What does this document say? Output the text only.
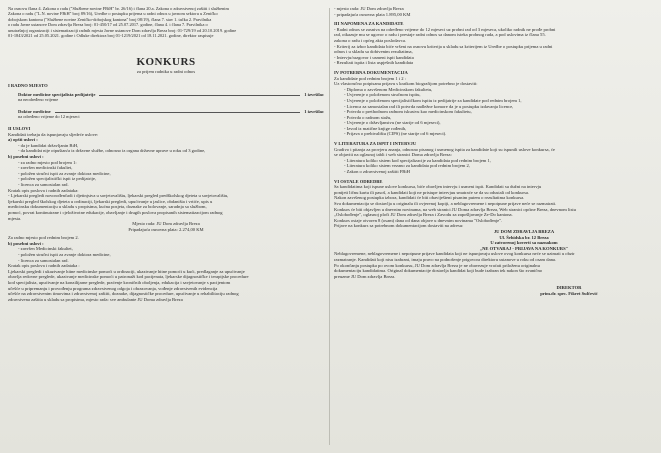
Na osnovu člana 4. Zakona o radu ("Službene novine FBiH" br. 26/16) i člana 20.a. Zakona o zdravstvenoj zaštiti i službenim
Zakona o radu ("L.N. novine FBiH" broj 89/16), Uredbe o postupku prijema u radni odnos u javnom sektoru u Zeničko
dobojskom kantonu ("Službene novine Zeničko-dobojskog kantona" broj 08/19), člana 7. stav 1. tačka 2. Pravilnika
o radu Javne ustanove Dom zdravlja Breza broj: 01-450/17 od 25.07.2017. godine, člana 4. i člana 7. Pravilnika o
unutrašnjoj organizaciji i sistematizaciji radnih mjesta Javne ustanove Dom zdravlja Breza broj: 01-729/19 od 20.10.2019. godine
01-1843/2021 od 25.05.2021. godine i Odluke direktora broj 01-1219/2021 od 18.11.2021. godine, direktor raspisuje
KONKURS
za prijem radnika u radni odnos
I RADNO MJESTO
Doktor medicine specijalista pedijatrije	1 izvršilac
na neodređeno vrijeme
Doktor medicine	1 izvršilac
na određeno vrijeme do 12 mjeseci
II USLOVI
Kandidati trebaju da ispunjavaju sljedeće uslove:
a) opšti uslovi :
- da je kandidat državljanin BiH,
- da kandidat nije otpuštan/a iz državne službe, odnosno iz organa državne uprave u roku od 3 godine,
b) posebni uslovi :
- za radno mjesto pod brojem 1:
- završen medicinski fakultet,
- položen stručni ispit za zvanje doktora medicine,
- položen specijalistički ispit iz pedijatrije,
- licenca za samostalan rad.
Kratak opis poslova i radnih zadataka:
- Ljekarski pregledi novorođenčadi i djetinjstva u savjetovalištu, ljekarski pregled predškolskog djeteta u savjetovalištu,
ljekarski pregled školskog djeteta u ordinaciji, ljekarski pregledi, upućivanje u jaslice, obdaništa i vrtiće, upis u
medicinsku dokumentaciju u skladu s propisima, kućna posjeta, doznake za bolovanje, saradnja sa službom,
pomoć, povrat kontinuirane i cjeloživotne edukacije, obavljanje i drugih poslova propisanih sistematizacijom radnog
mjesta.
Mjesto rada: JU Dom zdravlja Breza
Pripadajuća osnovna plata: 2.274,00 KM
Za radno mjesto pod rednim brojem 2.
b) posebni uslovi :
- završen Medicinski fakultet,
- položen stručni ispit za zvanje doktora medicine,
- licenca za samostalan rad.
Kratak opis poslova i radnih zadataka :
Ljekarski pregledi i ukazivanje hitne medicinske pomoći u ordinaciji, ukazivanje hitne pomoći u kući, predlaganje za upućivanje
obavlja redovne preglede, ukazivanje medicinske pomoći u patronaži kod pacijenata, ljekarske dijagnostičke i terapijske procedure
kod specijalista, upućivanje na konzilijarne preglede, praćenje kroničnih oboljenja, edukacija i savjetovanje s pacijentom
učešće u pripremanju i provođenju programa zdravstvenog odgoja i obrazovanja, vođenje zdravstvenih evidencija
učešće na zdravstvenim timovima i zdravstvenoj zaštiti, doznake, dijagnostičke procedure, upućivanje u rehabilitaciju radnog
zdravstvena zaštita u skladu sa propisima, mjesto rada: sve ambulante JU Doma zdravlja Breza
- mjesto rada: JU Dom zdravlja Breza
- pripadajuća osnovna plata 1.895,00 KM
III NAPOMENA ZA KANDIDATE
- Radni odnos se zasniva na određeno vrijeme do 12 mjeseci uz probni rad od 3 mjeseca, ukoliko radnik ne prođe probni
rad, otkazuje mu se ugovor o radu i prestaje radni odnos sa danom isteka probnog rada, a pod uslovima iz člana 55.
zakona o radu i općeg akta poslodavca.
- Kriterij za izbor kandidata biće vršeni na osnovu kriterija u skladu sa kriterijem iz Uredbe o postupku prijema u radni
odnos i u skladu sa dobivenim rezultatima,
- Intervju/razgovor i usmeni ispit kandidata
- Rezultati ispita i lista uspješnih kandidata
IV POTREBNA DOKUMENTACIJA
Za kandidate pod rednim brojem 1 i 2 :
Uz vlastoručno potpisanu prijavu s kratkom biografijom potrebno je dostaviti:
- Diploma o završenom Medicinskom fakultetu,
- Uvjerenje o položenom stručnom ispitu,
- Uvjerenje o položenom specijalističkom ispitu iz pedijatrije za kandidate pod rednim brojem 1,
- Licenca za samostalan rad ili potvrda nadležne komore da je u postupku izdavanja licence,
- Potvrda o prethodnom radnom iskustvu kao medicinskom fakultetu,
- Potvrda o radnom stažu,
- Uvjerenje o državljanstvu (ne starije od 6 mjeseci),
- Izvod iz matične knjige rođenih,
- Prijava o prebivalištu (CIPS) (ne starije od 6 mjeseci).
V LITERATURA ZA ISPIT I INTERVJU
Gradivo i pitanja za provjeru znanja, odnosno pisanog i usmenog ispita za kandidate koji su ispunili uslove konkursa, će
se objaviti na oglasnoj tabli i web stranici Doma zdravlja Breza:
- Literatura koliko sistem kod specijalizacije za kandidata pod rednim brojem 1,
- Literatura koliko sistem vezano za kandidata pod rednim brojem 2,
- Zakon o zdravstvenoj zaštiti FBiH
VI OSTALE ODREDBE
Sa kandidatima koji ispune uslove konkursa, biće obavljen intervju i usmeni ispit. Kandidati su dužni na intervju
ponijeti ličnu kartu ili pasoš, a kandidati koji ne pristupe intervjuu smatraće se da su odustali od konkursa.
Nakon završenog postupka izbora, kandidati će biti obaviješteni pisanim putem o rezultatima konkursa.
Sva dokumentacija se dostavlja u originalu ili ovjerenoj kopiji, a neblagovremene i nepotpune prijave neće se razmatrati.
Konkurs će biti objavljen u dnevnim novinama, na web stranici JU Doma zdravlja Breza, Web stranici općine Breza, dnevnom listu
„Oslobođenje", oglasnoj ploči JU Dom zdravlja Breza i Zavodu za zapošljavanje Ze-Do kantona.
Konkurs ostaje otvoren 8 (osam) dana od dana objave u dnevnim novinama "Oslobođenje".
Prijave na konkurs sa potrebnom dokumentacijom dostaviti na adresu:
JU DOM ZDRAVLJA BREZA
Ul. Šehidska br. 12 Breza
U zatvorenoj koverti sa naznakom
„NE OTVARAJ - PRIJAVA NA KONKURS"
Neblagovremene, neblagovremene i nepotpune prijave kandidata koji ne ispunjavaju uslove ovog konkursa neće se uzimati u obzir
razmatranje. Kandidati koji nisu izabrani, imaju pravo na podnošenje prigovora direktoru ustanove u roku od osam dana.
Po okončanju postupka po ovom konkursu, JU Dom zdravlja Breza je ne obavezuje vraćati priloženu originalnu
dokumentaciju kandidatima. Original dokumentacije dostavlja kandidat koji bude izabran tek nakon što zvanično
preuzme JU Dom zdravlja Breza.
DIREKTOR
prim.dr. spec. Fikret Sulčević
